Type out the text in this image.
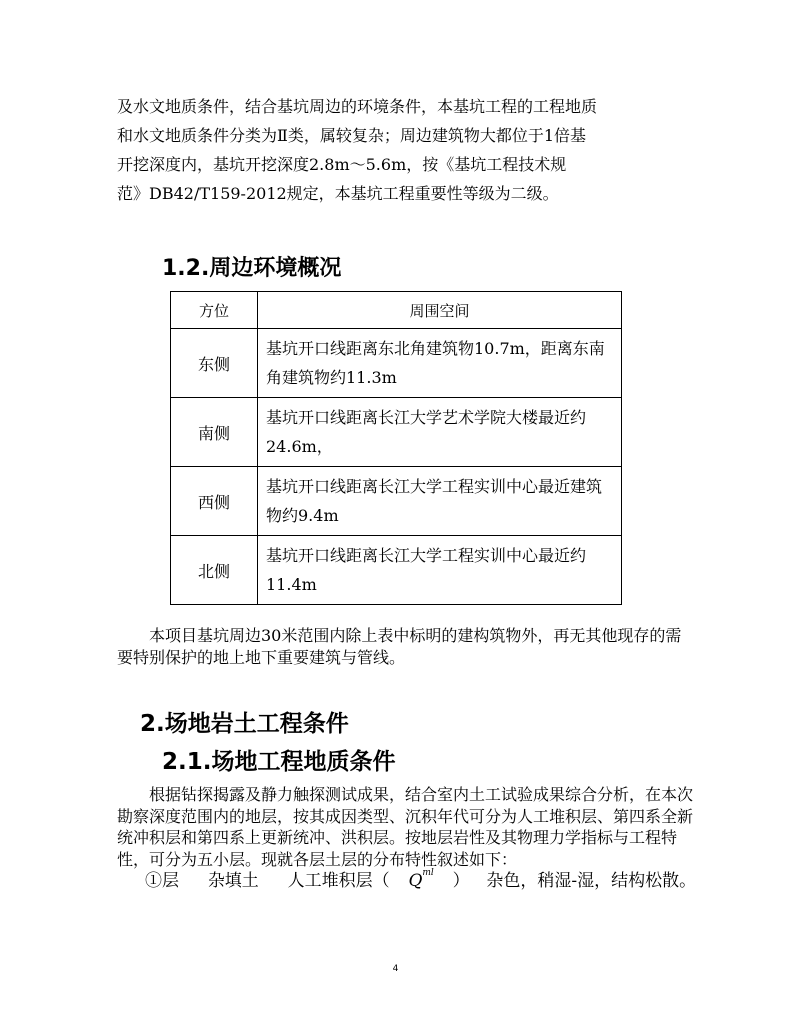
及水文地质条件，结合基坑周边的环境条件，本基坑工程的工程地质
和水文地质条件分类为Ⅱ类，属较复杂；周边建筑物大都位于1倍基
开挖深度内，基坑开挖深度2.8m～5.6m，按《基坑工程技术规
范》DB42/T159-2012规定，本基坑工程重要性等级为二级。
1.2.周边环境概况
方位	周围空间
东侧	基坑开口线距离东北角建筑物10.7m，距离东南角建筑物约11.3m
南侧	基坑开口线距离长江大学艺术学院大楼最近约24.6m，
西侧	基坑开口线距离长江大学工程实训中心最近建筑物约9.4m
北侧	基坑开口线距离长江大学工程实训中心最近约11.4m

本项目基坑周边30米范围内除上表中标明的建构筑物外，再无其他现存的需要特别保护的地上地下重要建筑与管线。

2.场地岩土工程条件
2.1.场地工程地质条件

根据钻探揭露及静力触探测试成果，结合室内土工试验成果综合分析，在本次勘察深度范围内的地层，按其成因类型、沉积年代可分为人工堆积层、第四系全新统冲积层和第四系上更新统冲、洪积层。按地层岩性及其物理力学指标与工程特性，可分为五小层。现就各层土层的分布特性叙述如下：

①层 杂填土 人工堆积层（ $Q^{ml}$ ） 杂色，稍湿-湿，结构松散。
4
